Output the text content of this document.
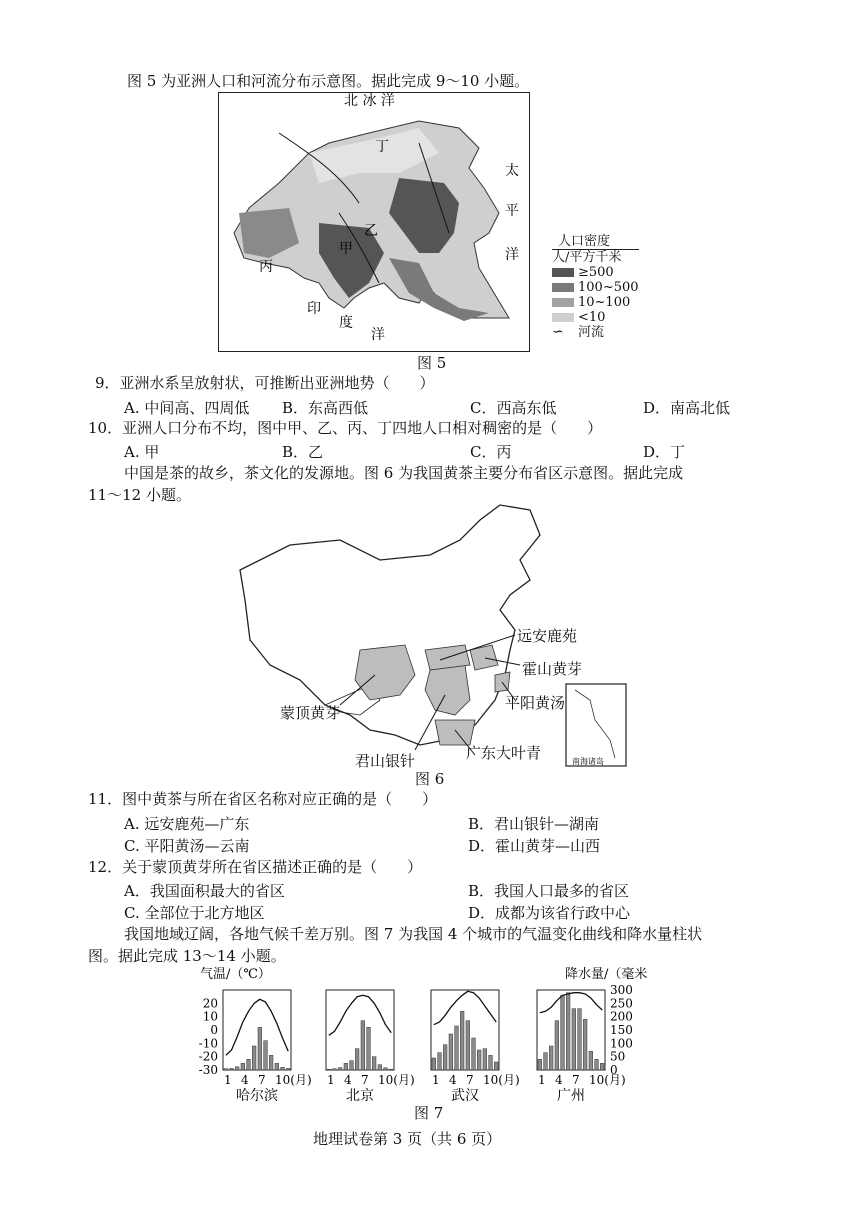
图 5 为亚洲人口和河流分布示意图。据此完成 9～10 小题。
北 冰 洋
丁
乙
丙
甲
太
平
洋
印
度
洋
人口密度
人/平方千米
≥500
100~500
10~100
<10
∽	河流
图 5
9．亚洲水系呈放射状，可推断出亚洲地势（　　）
A. 中间高、四周低 B．东高西低	C．西高东低	D．南高北低
10．亚洲人口分布不均，图中甲、乙、丙、丁四地人口相对稠密的是（　　）
A. 甲	B．乙	C．丙	D．丁
中国是茶的故乡，茶文化的发源地。图 6 为我国黄茶主要分布省区示意图。据此完成
11～12 小题。
南海诸岛
远安鹿苑
霍山黄芽
平阳黄汤
蒙顶黄芽
君山银针	广东大叶青
图 6
11．图中黄茶与所在省区名称对应正确的是（　　）
A. 远安鹿苑—广东	B．君山银针—湖南
C. 平阳黄汤—云南	D．霍山黄芽—山西
12．关于蒙顶黄芽所在省区描述正确的是（　　）
A．我国面积最大的省区	B．我国人口最多的省区
C. 全部位于北方地区	D．成都为该省行政中心
我国地域辽阔，各地气候千差万别。图 7 为我国 4 个城市的气温变化曲线和降水量柱状
图。据此完成 13～14 小题。
气温/（℃）	降水量/（毫米
20
10
0
-10
-20
-30
300
250
200
150
100
50
0
1 4 7 10(月)
哈尔滨
1 4 7 10(月)
北京
1 4 7 10(月)
武汉
1 4 7 10(月)
广州
图 7
地理试卷第 3 页（共 6 页）
